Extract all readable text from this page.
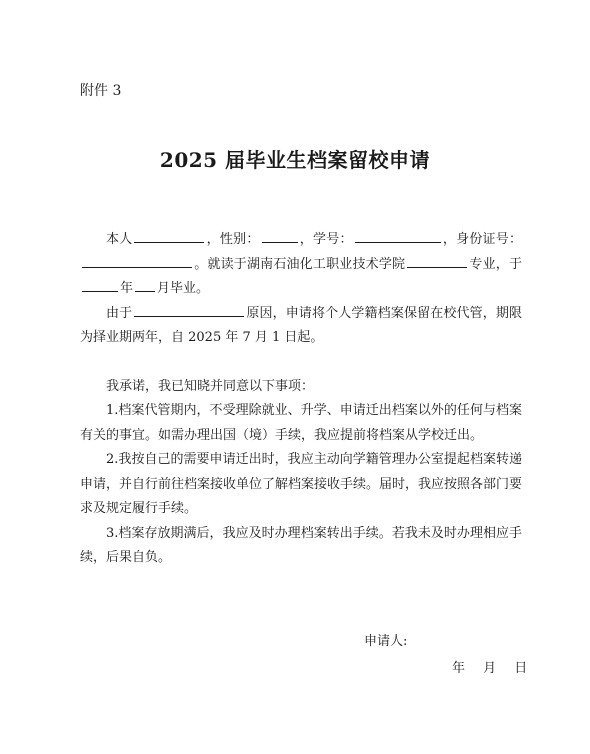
附件 3
2025 届毕业生档案留校申请

本人	，性别：	，学号：	，身份证号：。就读于湖南石油化工职业技术学院	专业，于年 月毕业。

由于	原因，申请将个人学籍档案保留在校代管，期限为择业期两年，自 2025 年 7 月 1 日起。

我承诺，我已知晓并同意以下事项：

1.档案代管期内，不受理除就业、升学、申请迁出档案以外的任何与档案有关的事宜。如需办理出国（境）手续，我应提前将档案从学校迁出。

2.我按自己的需要申请迁出时，我应主动向学籍管理办公室提起档案转递申请，并自行前往档案接收单位了解档案接收手续。届时，我应按照各部门要求及规定履行手续。

3.档案存放期满后，我应及时办理档案转出手续。若我未及时办理相应手续，后果自负。

申请人:
年 月 日
